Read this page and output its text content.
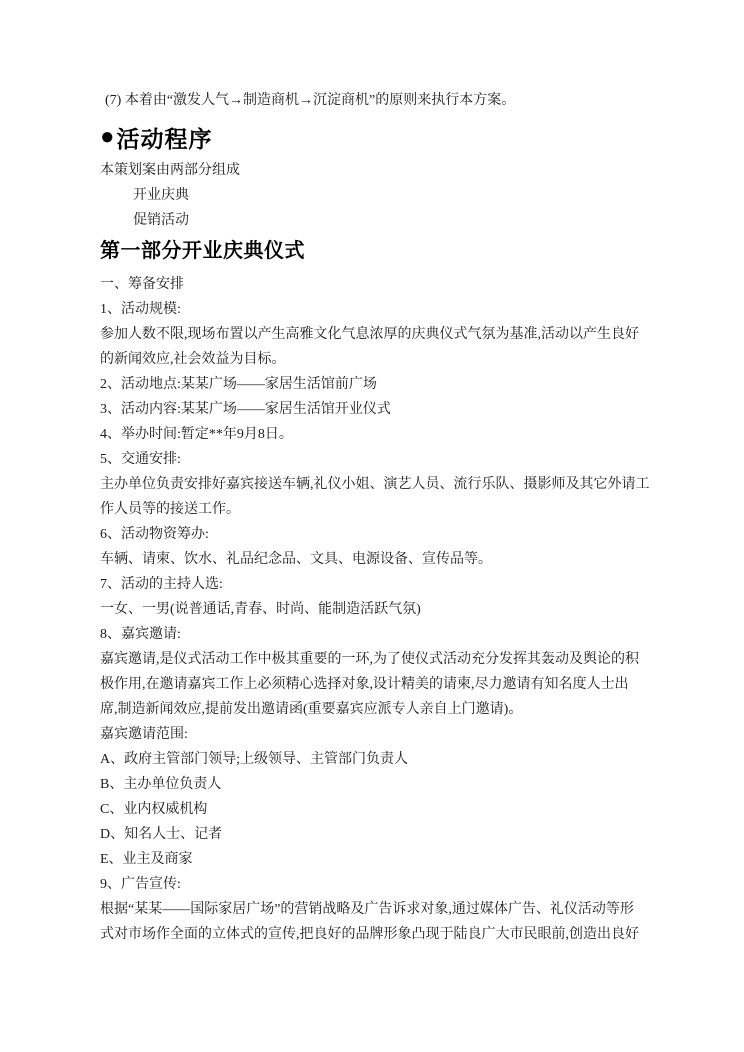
(7) 本着由“激发人气→制造商机→沉淀商机”的原则来执行本方案。
● 活动程序
本策划案由两部分组成
开业庆典
促销活动
第一部分开业庆典仪式
一、筹备安排
1、活动规模:
参加人数不限,现场布置以产生高雅文化气息浓厚的庆典仪式气氛为基准,活动以产生良好
的新闻效应,社会效益为目标。
2、活动地点:某某广场——家居生活馆前广场
3、活动内容:某某广场——家居生活馆开业仪式
4、举办时间:暂定**年9月8日。
5、交通安排:
主办单位负责安排好嘉宾接送车辆,礼仪小姐、演艺人员、流行乐队、摄影师及其它外请工
作人员等的接送工作。
6、活动物资筹办:
车辆、请柬、饮水、礼品纪念品、文具、电源设备、宣传品等。
7、活动的主持人选:
一女、一男(说普通话,青春、时尚、能制造活跃气氛)
8、嘉宾邀请:
嘉宾邀请,是仪式活动工作中极其重要的一环,为了使仪式活动充分发挥其轰动及舆论的积
极作用,在邀请嘉宾工作上必须精心选择对象,设计精美的请柬,尽力邀请有知名度人士出
席,制造新闻效应,提前发出邀请函(重要嘉宾应派专人亲自上门邀请)。
嘉宾邀请范围:
A、政府主管部门领导;上级领导、主管部门负责人
B、主办单位负责人
C、业内权威机构
D、知名人士、记者
E、业主及商家
9、广告宣传:
根据“某某——国际家居广场”的营销战略及广告诉求对象,通过媒体广告、礼仪活动等形
式对市场作全面的立体式的宣传,把良好的品牌形象凸现于陆良广大市民眼前,创造出良好
